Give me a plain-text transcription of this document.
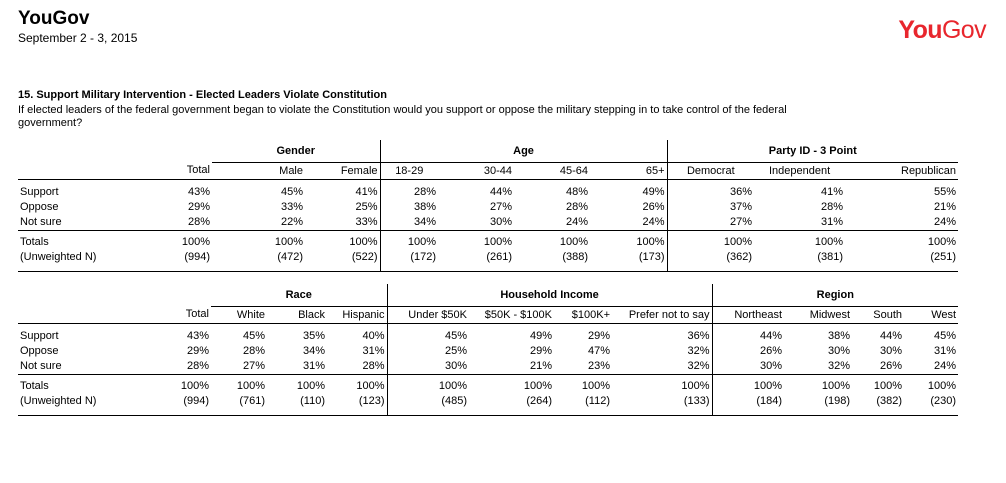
YouGov
September 2 - 3, 2015	YouGov
15. Support Military Intervention - Elected Leaders Violate Constitution
If elected leaders of the federal government began to violate the Constitution would you support or oppose the military stepping in to take control of the federal government?
		Gender		Age				Party ID - 3 Point		
	Total	Male	Female	18-29	30-44	45-64	65+	Democrat	Independent	Republican
Support	43%	45%	41%	28%	44%	48%	49%	36%	41%	55%
Oppose	29%	33%	25%	38%	27%	28%	26%	37%	28%	21%
Not sure	28%	22%	33%	34%	30%	24%	24%	27%	31%	24%
Totals	100%	100%	100%	100%	100%	100%	100%	100%	100%	100%
(Unweighted N)	(994)	(472)	(522)	(172)	(261)	(388)	(173)	(362)	(381)	(251)
		Race			Household Income				Region			
	Total	White	Black	Hispanic	Under $50K	$50K - $100K	$100K+	Prefer not to say	Northeast	Midwest	South	West
Support	43%	45%	35%	40%	45%	49%	29%	36%	44%	38%	44%	45%
Oppose	29%	28%	34%	31%	25%	29%	47%	32%	26%	30%	30%	31%
Not sure	28%	27%	31%	28%	30%	21%	23%	32%	30%	32%	26%	24%
Totals	100%	100%	100%	100%	100%	100%	100%	100%	100%	100%	100%	100%
(Unweighted N)	(994)	(761)	(110)	(123)	(485)	(264)	(112)	(133)	(184)	(198)	(382)	(230)
